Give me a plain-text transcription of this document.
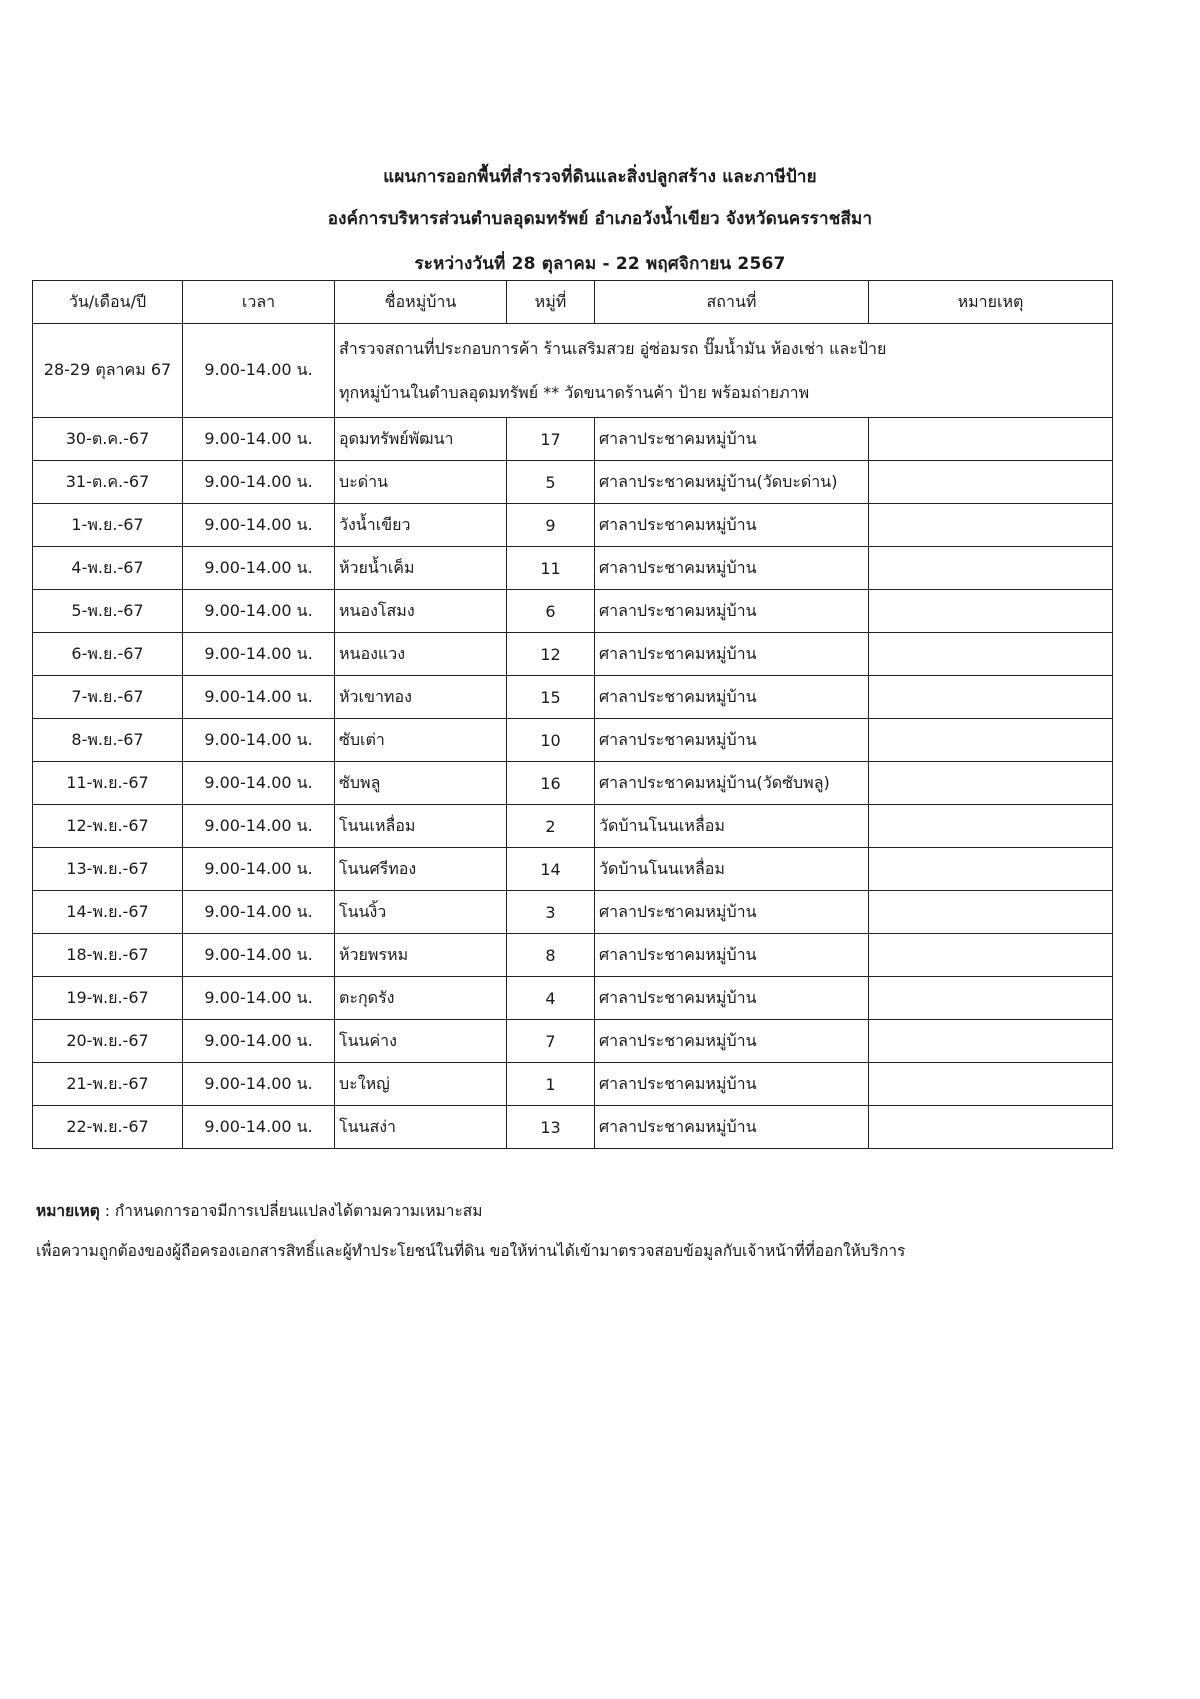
แผนการออกพื้นที่สำรวจที่ดินและสิ่งปลูกสร้าง และภาษีป้าย
องค์การบริหารส่วนตำบลอุดมทรัพย์ อำเภอวังน้ำเขียว จังหวัดนครราชสีมา
ระหว่างวันที่ 28 ตุลาคม - 22 พฤศจิกายน 2567
วัน/เดือน/ปี	เวลา	ชื่อหมู่บ้าน	หมู่ที่	สถานที่	หมายเหตุ
28-29 ตุลาคม 67	9.00-14.00 น.	สำรวจสถานที่ประกอบการค้า ร้านเสริมสวย อู่ซ่อมรถ ปั๊มน้ำมัน ห้องเช่า และป้าย
ทุกหมู่บ้านในตำบลอุดมทรัพย์ ** วัดขนาดร้านค้า ป้าย พร้อมถ่ายภาพ			

30-ต.ค.-67	9.00-14.00 น.	อุดมทรัพย์พัฒนา	17	ศาลาประชาคมหมู่บ้าน	
31-ต.ค.-67	9.00-14.00 น.	บะด่าน	5	ศาลาประชาคมหมู่บ้าน(วัดบะด่าน)	
1-พ.ย.-67	9.00-14.00 น.	วังน้ำเขียว	9	ศาลาประชาคมหมู่บ้าน	
4-พ.ย.-67	9.00-14.00 น.	ห้วยน้ำเค็ม	11	ศาลาประชาคมหมู่บ้าน	
5-พ.ย.-67	9.00-14.00 น.	หนองโสมง	6	ศาลาประชาคมหมู่บ้าน	
6-พ.ย.-67	9.00-14.00 น.	หนองแวง	12	ศาลาประชาคมหมู่บ้าน	
7-พ.ย.-67	9.00-14.00 น.	หัวเขาทอง	15	ศาลาประชาคมหมู่บ้าน	
8-พ.ย.-67	9.00-14.00 น.	ซับเต่า	10	ศาลาประชาคมหมู่บ้าน	
11-พ.ย.-67	9.00-14.00 น.	ซับพลู	16	ศาลาประชาคมหมู่บ้าน(วัดซับพลู)	
12-พ.ย.-67	9.00-14.00 น.	โนนเหลื่อม	2	วัดบ้านโนนเหลื่อม	
13-พ.ย.-67	9.00-14.00 น.	โนนศรีทอง	14	วัดบ้านโนนเหลื่อม	
14-พ.ย.-67	9.00-14.00 น.	โนนงิ้ว	3	ศาลาประชาคมหมู่บ้าน	
18-พ.ย.-67	9.00-14.00 น.	ห้วยพรหม	8	ศาลาประชาคมหมู่บ้าน	
19-พ.ย.-67	9.00-14.00 น.	ตะกุดรัง	4	ศาลาประชาคมหมู่บ้าน	
20-พ.ย.-67	9.00-14.00 น.	โนนค่าง	7	ศาลาประชาคมหมู่บ้าน	
21-พ.ย.-67	9.00-14.00 น.	บะใหญ่	1	ศาลาประชาคมหมู่บ้าน	
22-พ.ย.-67	9.00-14.00 น.	โนนสง่า	13	ศาลาประชาคมหมู่บ้าน	
หมายเหตุ : กำหนดการอาจมีการเปลี่ยนแปลงได้ตามความเหมาะสม
เพื่อความถูกต้องของผู้ถือครองเอกสารสิทธิ์และผู้ทำประโยชน์ในที่ดิน ขอให้ท่านได้เข้ามาตรวจสอบข้อมูลกับเจ้าหน้าที่ที่ออกให้บริการ
